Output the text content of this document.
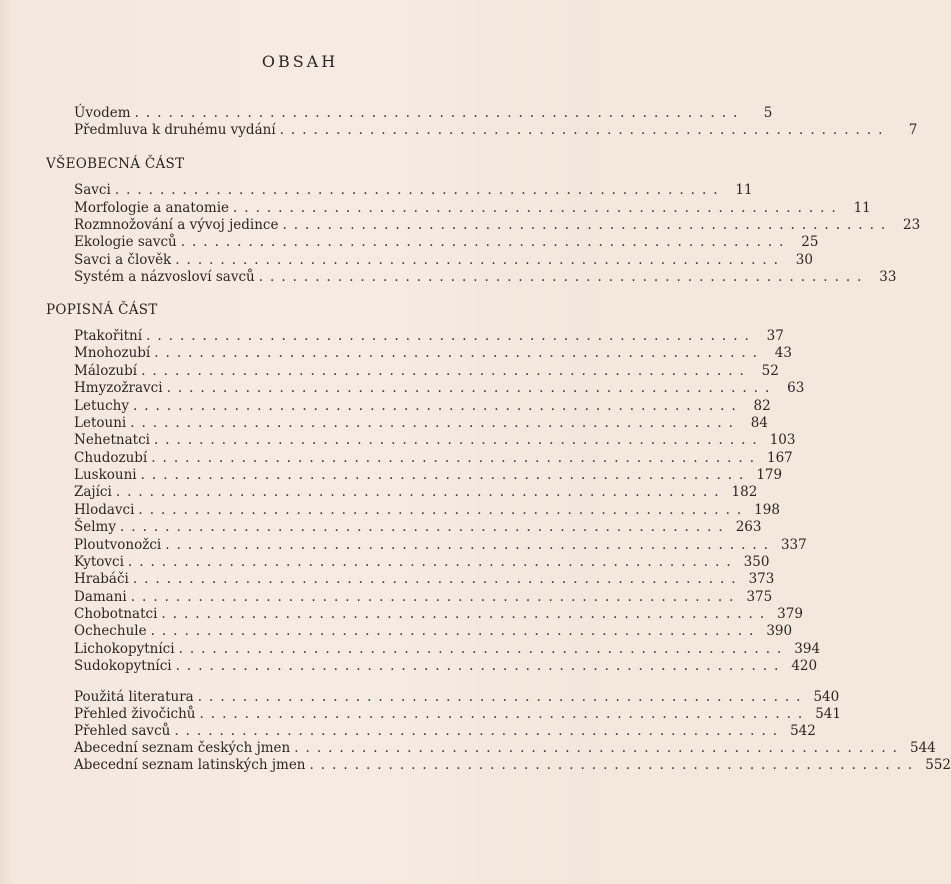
OBSAH
Úvodem ......................................................	5
Předmluva k druhému vydání ......................................................	7
VŠEOBECNÁ ČÁST
Savci ...................................................... 11
Morfologie a anatomie ...................................................... 11
Rozmnožování a vývoj jedince ...................................................... 23
Ekologie savců ...................................................... 25
Savci a člověk ...................................................... 30
Systém a názvosloví savců ...................................................... 33
POPISNÁ ČÁST
Ptakořitní ...................................................... 37
Mnohozubí ...................................................... 43
Málozubí ...................................................... 52
Hmyzožravci ...................................................... 63
Letuchy ...................................................... 82
Letouni ...................................................... 84
Nehetnatci ...................................................... 103
Chudozubí ...................................................... 167
Luskouni ...................................................... 179
Zajíci ...................................................... 182
Hlodavci ...................................................... 198
Šelmy ...................................................... 263
Ploutvonožci ...................................................... 337
Kytovci ...................................................... 350
Hrabáči ...................................................... 373
Damani ...................................................... 375
Chobotnatci ...................................................... 379
Ochechule ...................................................... 390
Lichokopytníci ...................................................... 394
Sudokopytníci ...................................................... 420
Použitá literatura ...................................................... 540
Přehled živočichů ...................................................... 541
Přehled savců ...................................................... 542
Abecední seznam českých jmen ...................................................... 544
Abecední seznam latinských jmen ...................................................... 552
